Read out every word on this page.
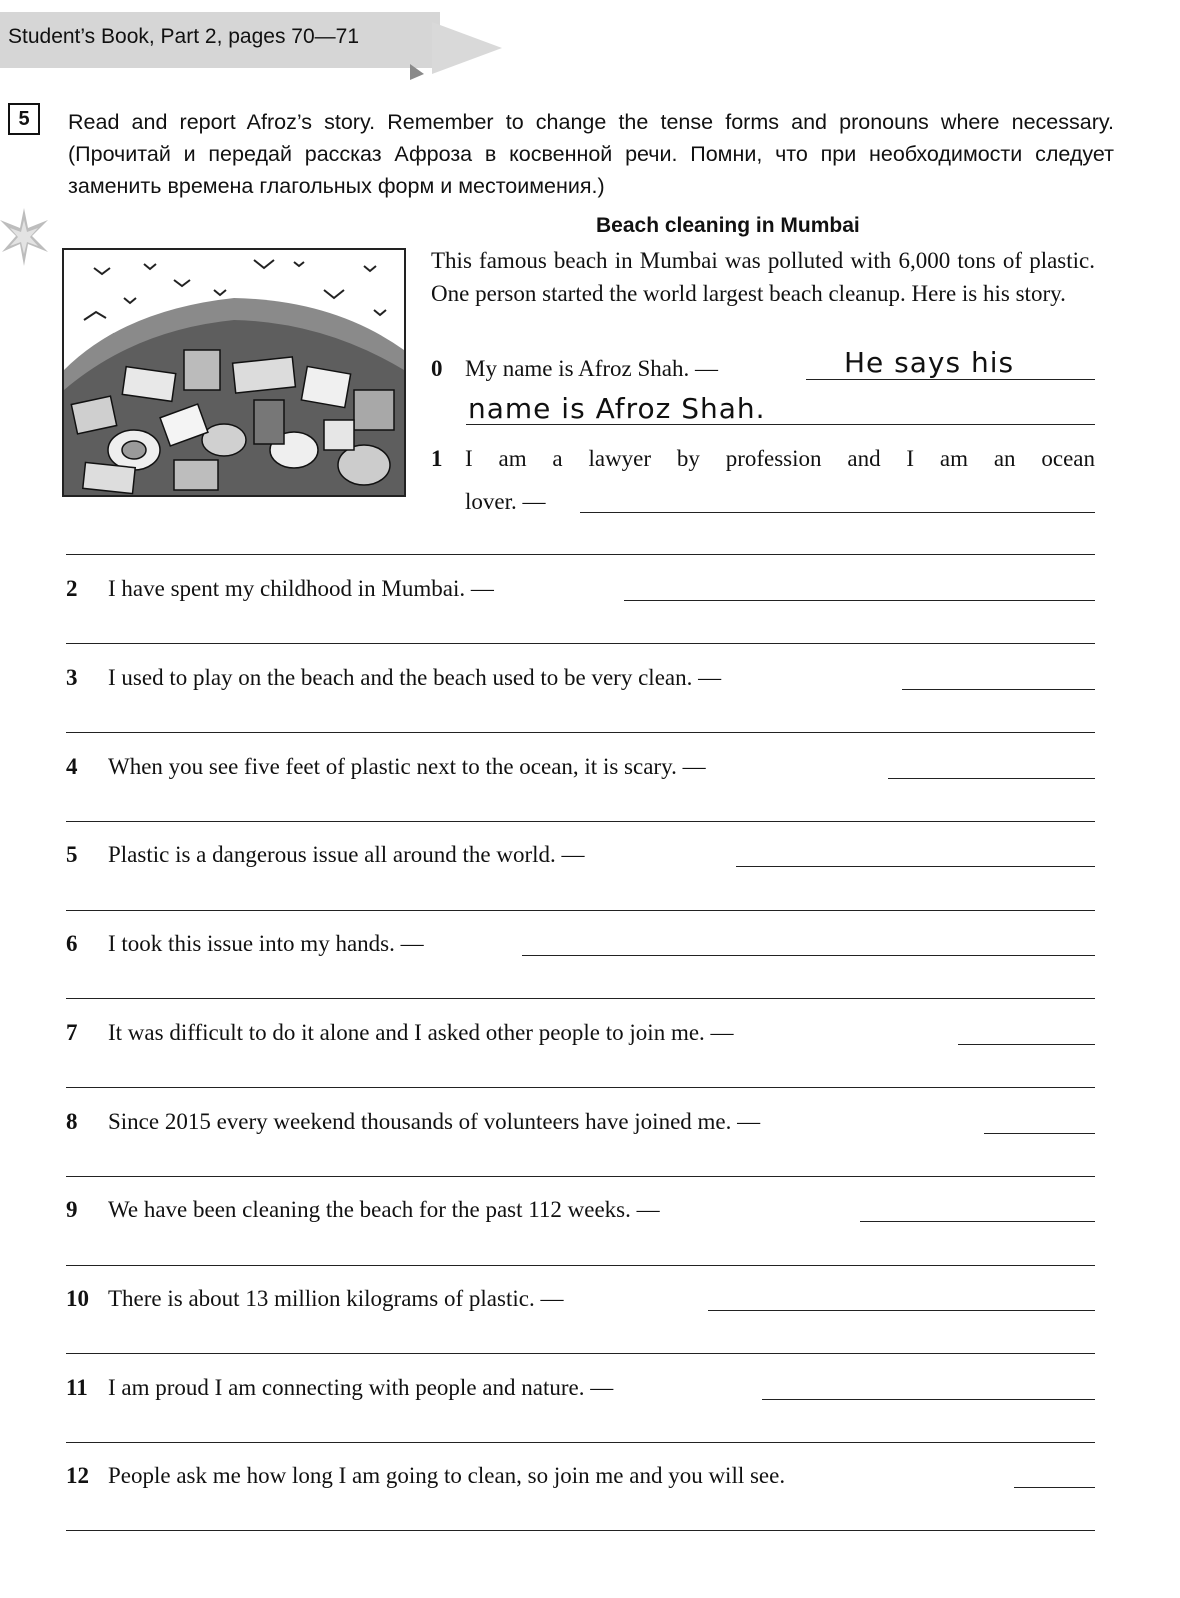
Student’s Book, Part 2, pages 70—71
5	Read and report Afroz’s story. Remember to change the tense forms and pronouns where necessary. (Прочитай и передай рассказ Афроза в косвенной речи. Помни, что при необходимости следует заменить времена глагольных форм и местоимения.)
Beach cleaning in Mumbai
This famous beach in Mumbai was polluted with 6,000 tons of plastic. One person started the world largest beach cleanup. Here is his story.
0 My name is Afroz Shah. —	He says his
name is Afroz Shah.
1 I am a lawyer by profession and I am an ocean
lover. —
2 I have spent my childhood in Mumbai. —
3 I used to play on the beach and the beach used to be very clean. —
4 When you see five feet of plastic next to the ocean, it is scary. —
5 Plastic is a dangerous issue all around the world. —
6 I took this issue into my hands. —
7 It was difficult to do it alone and I asked other people to join me. —
8 Since 2015 every weekend thousands of volunteers have joined me. —
9 We have been cleaning the beach for the past 112 weeks. —
10 There is about 13 million kilograms of plastic. —
11 I am proud I am connecting with people and nature. —
12 People ask me how long I am going to clean, so join me and you will see.
